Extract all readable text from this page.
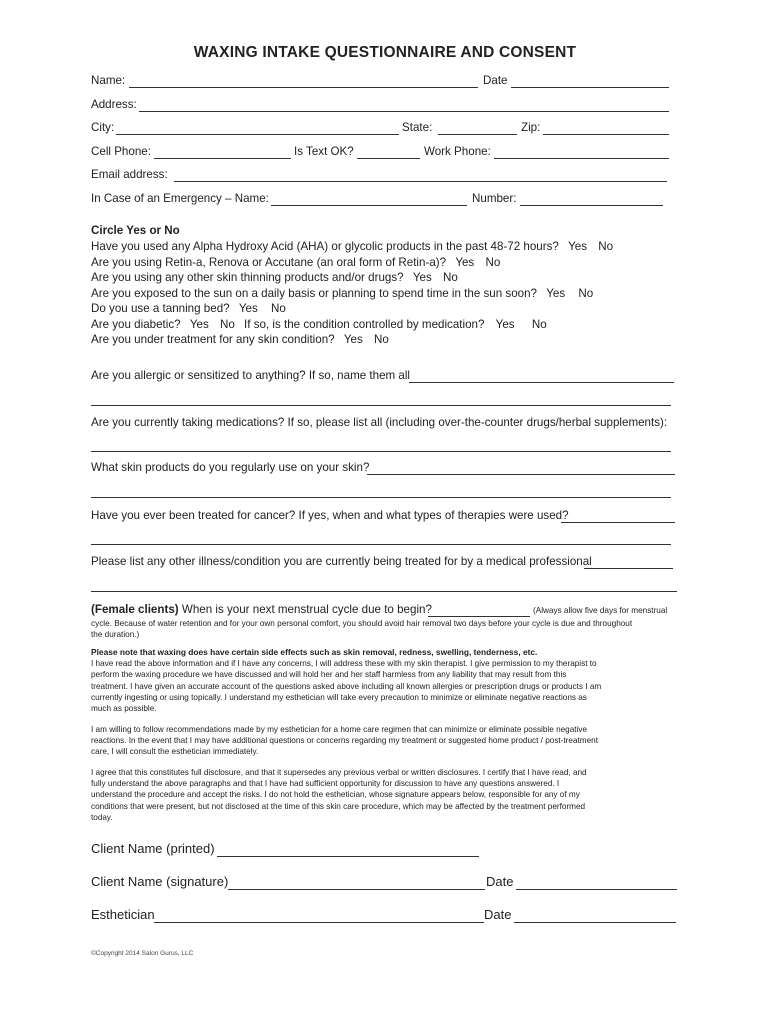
WAXING INTAKE QUESTIONNAIRE AND CONSENT
Name:	Date
Address:
City:	State:	Zip:
Cell Phone:	Is Text OK?	Work Phone:
Email address:
In Case of an Emergency – Name:	Number:
Circle Yes or No
Have you used any Alpha Hydroxy Acid (AHA) or glycolic products in the past 48-72 hours? Yes No
Are you using Retin-a, Renova or Accutane (an oral form of Retin-a)? Yes No
Are you using any other skin thinning products and/or drugs? Yes No
Are you exposed to the sun on a daily basis or planning to spend time in the sun soon? Yes No
Do you use a tanning bed? Yes No
Are you diabetic? Yes No If so, is the condition controlled by medication? Yes No
Are you under treatment for any skin condition? Yes No
Are you allergic or sensitized to anything? If so, name them all
Are you currently taking medications? If so, please list all (including over-the-counter drugs/herbal supplements):
What skin products do you regularly use on your skin?
Have you ever been treated for cancer? If yes, when and what types of therapies were used?
Please list any other illness/condition you are currently being treated for by a medical professional
(Female clients) When is your next menstrual cycle due to begin?	(Always allow five days for menstrual
cycle. Because of water retention and for your own personal comfort, you should avoid hair removal two days before your cycle is due and throughout
the duration.)
Please note that waxing does have certain side effects such as skin removal, redness, swelling, tenderness, etc.
I have read the above information and if I have any concerns, I will address these with my skin therapist. I give permission to my therapist to
perform the waxing procedure we have discussed and will hold her and her staff harmless from any liability that may result from this
treatment. I have given an accurate account of the questions asked above including all known allergies or prescription drugs or products I am
currently ingesting or using topically. I understand my esthetician will take every precaution to minimize or eliminate negative reactions as
much as possible.
I am willing to follow recommendations made by my esthetician for a home care regimen that can minimize or eliminate possible negative
reactions. In the event that I may have additional questions or concerns regarding my treatment or suggested home product / post-treatment
care, I will consult the esthetician immediately.
I agree that this constitutes full disclosure, and that it supersedes any previous verbal or written disclosures. I certify that I have read, and
fully understand the above paragraphs and that I have had sufficient opportunity for discussion to have any questions answered. I
understand the procedure and accept the risks. I do not hold the esthetician, whose signature appears below, responsible for any of my
conditions that were present, but not disclosed at the time of this skin care procedure, which may be affected by the treatment performed
today.
Client Name (printed)
Client Name (signature)	Date
Esthetician	Date
©Copyright 2014 Salon Gurus, LLC
